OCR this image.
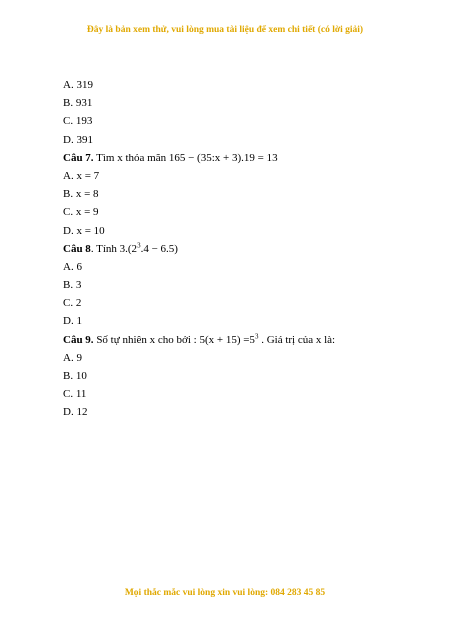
Đây là bản xem thử, vui lòng mua tài liệu để xem chi tiết (có lời giải)
A. 319
B. 931
C. 193
D. 391
Câu 7. Tìm x thỏa mãn 165 − (35:x + 3).19 = 13
A. x = 7
B. x = 8
C. x = 9
D. x = 10
Câu 8. Tính $3.(2^3.4 - 6.5)$
A. 6
B. 3
C. 2
D. 1
Câu 9. Số tự nhiên x cho bởi : $5(x + 15) =5^3$ . Giá trị của x là:
A. 9
B. 10
C. 11
D. 12
Mọi thắc mắc vui lòng xin vui lòng: 084 283 45 85
